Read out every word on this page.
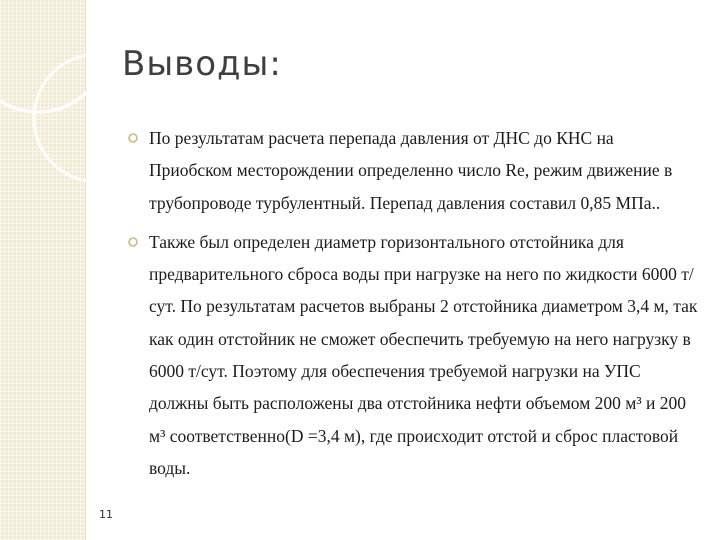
Выводы:
По результатам расчета перепада давления от ДНС до КНС на Приобском месторождении определенно число Re, режим движение в трубопроводе турбулентный. Перепад давления составил 0,85 МПа..
Также был определен диаметр горизонтального отстойника для предварительного сброса воды при нагрузке на него по жидкости 6000 т/сут. По результатам расчетов выбраны 2 отстойника диаметром 3,4 м, так как один отстойник не сможет обеспечить требуемую на него нагрузку в 6000 т/сут. Поэтому для обеспечения требуемой нагрузки на УПС должны быть расположены два отстойника нефти объемом 200 м³ и 200 м³ соответственно(D =3,4 м), где происходит отстой и сброс пластовой воды.
11
